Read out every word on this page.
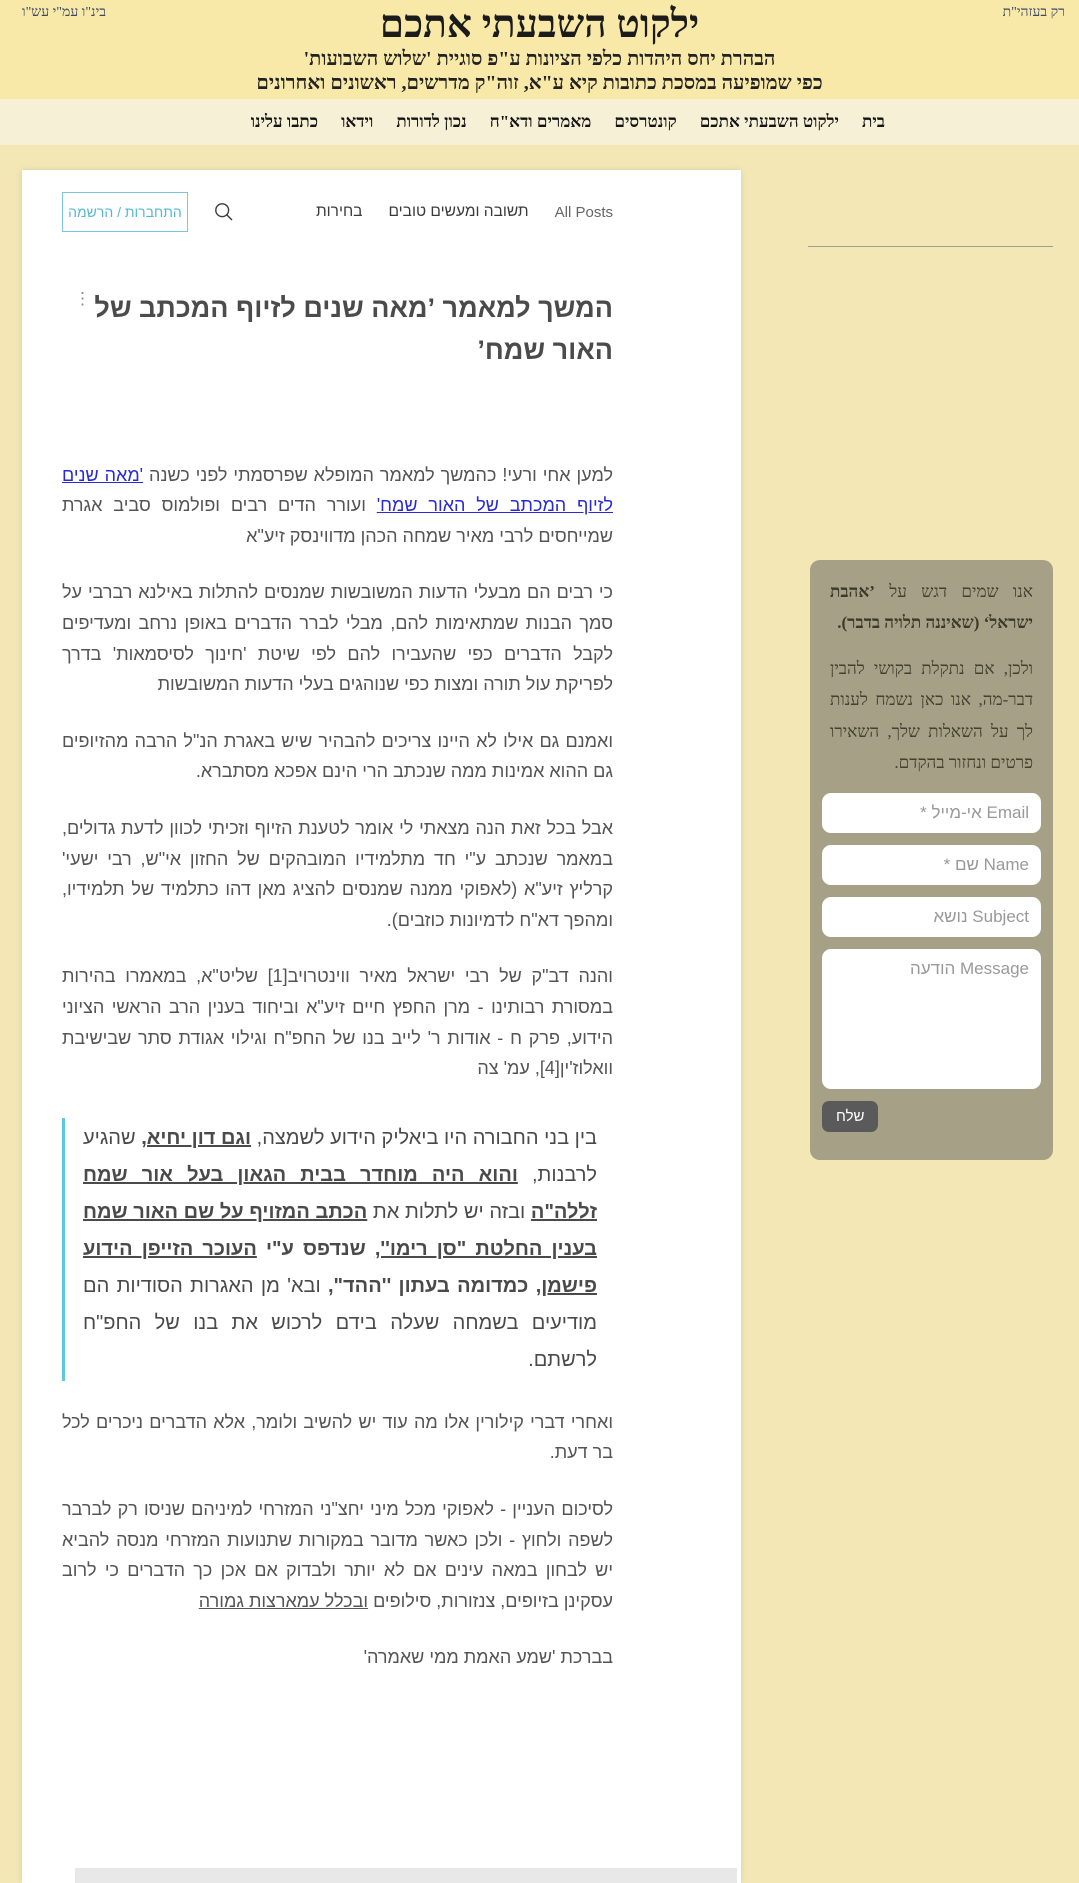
רק בעזהי"ת
בינ"ו עמ"י עש"ו	ילקוט השבעתי אתכם
הבהרת יחס היהדות כלפי הציונות ע"פ סוגיית 'שלוש השבועות'
כפי שמופיעה במסכת כתובות קיא ע"א, זוה"ק מדרשים, ראשונים ואחרונים
בית
ילקוט השבעתי אתכם
קונטרסים
מאמרים ודא"ח
נכון לדורות
וידאו
כתבו עלינו
All Posts
תשובה ומעשים טובים
בחירות
התחברות / הרשמה
⋮ המשך למאמר ’מאה שנים לזיוף המכתב של האור שמח’

למען אחי ורעי! כהמשך למאמר המופלא שפרסמתי לפני כשנה 'מאה שנים לזיוף המכתב של האור שמח' ועורר הדים רבים ופולמוס סביב אגרת שמייחסים לרבי מאיר שמחה הכהן מדווינסק זיע"א

כי רבים הם מבעלי הדעות המשובשות שמנסים להתלות באילנא רברבי על סמך הבנות שמתאימות להם, מבלי לברר הדברים באופן נרחב ומעדיפים לקבל הדברים כפי שהעבירו להם לפי שיטת 'חינוך לסיסמאות' בדרך לפריקת עול תורה ומצות כפי שנוהגים בעלי הדעות המשובשות

ואמנם גם אילו לא היינו צריכים להבהיר שיש באגרת הנ"ל הרבה מהזיופים גם ההוא אמינות ממה שנכתב הרי הינם אפכא מסתברא.

אבל בכל זאת הנה מצאתי לי אומר לטענת הזיוף וזכיתי לכוון לדעת גדולים, במאמר שנכתב ע"י חד מתלמידיו המובהקים של החזון אי"ש, רבי ישעי' קרליץ זיע"א (לאפוקי ממנה שמנסים להציג מאן דהו כתלמיד של תלמידיו, ומהפך דא"ח לדמיונות כוזבים).

והנה דב"ק של רבי ישראל מאיר ווינטרויב[1] שליט"א, במאמרו בהירות במסורת רבותינו - מרן החפץ חיים זיע"א וביחוד בענין הרב הראשי הציוני הידוע, פרק ח - אודות ר' לייב בנו של החפ"ח וגילוי אגודת סתר שבישיבת וואלוז'ין[4], עמ' צה

בין בני החבורה היו ביאליק הידוע לשמצה, וגם דון יחיא, שהגיע לרבנות, והוא היה מוחדר בבית הגאון בעל אור שמח זללה"ה ובזה יש לתלות את הכתב המזויף על שם האור שמח בענין החלטת "סן רימו'', שנדפס ע"י העוכר הזייפן הידוע פישמן, כמדומה בעתון ''ההד", ובא' מן האגרות הסודיות הם מודיעים בשמחה שעלה בידם לרכוש את בנו של החפ"ח לרשתם.

ואחרי דברי קילורין אלו מה עוד יש להשיב ולומר, אלא הדברים ניכרים לכל בר דעת.

לסיכום העניין - לאפוקי מכל מיני יחצ"ני המזרחי למיניהם שניסו רק לברבר לשפה ולחוץ - ולכן כאשר מדובר במקורות שתנועות המזרחי מנסה להביא יש לבחון במאה עינים אם לא יותר ולבדוק אם אכן כך הדברים כי לרוב עסקינן בזיופים, צנזורות, סילופים ובכלל עמארצות גמורה

בברכת 'שמע האמת ממי שאמרה'

אנו שמים דגש על ’אהבת ישראל‘ (שאיננה תלויה בדבר).

ולכן, אם נתקלת בקושי להבין דבר-מה, אנו כאן נשמח לענות לך על השאלות שלך, השאירו פרטים ונחזור בהקדם.

Email אי-מייל *
Name שם *
Subject נושא
Message הודעה
שלח
